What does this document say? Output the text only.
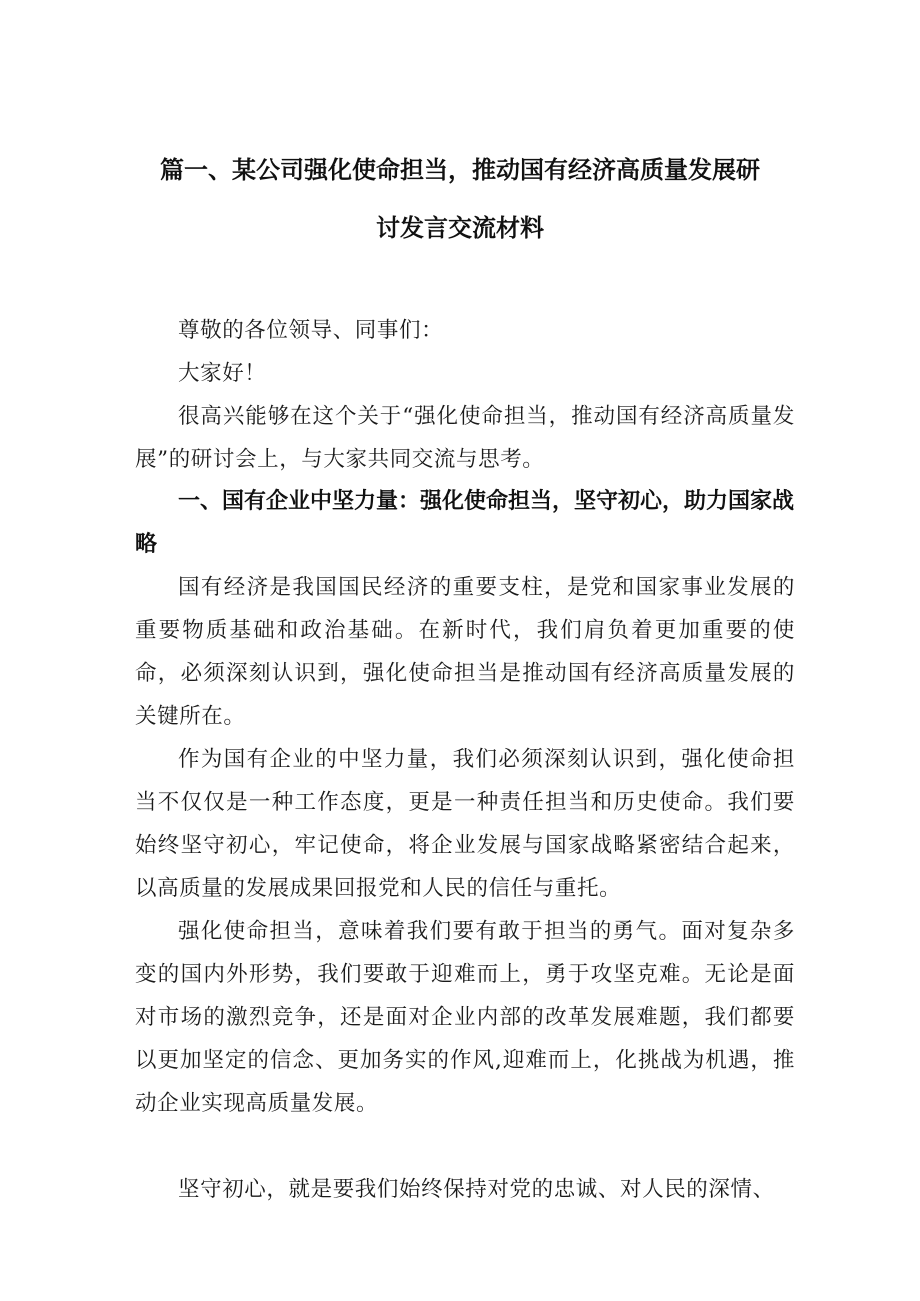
篇一、某公司强化使命担当，推动国有经济高质量发展研
讨发言交流材料
尊敬的各位领导、同事们：
大家好！
很高兴能够在这个关于“强化使命担当，推动国有经济高质量发展”的研讨会上，与大家共同交流与思考。
一、国有企业中坚力量：强化使命担当，坚守初心，助力国家战略
国有经济是我国国民经济的重要支柱，是党和国家事业发展的重要物质基础和政治基础。在新时代，我们肩负着更加重要的使命，必须深刻认识到，强化使命担当是推动国有经济高质量发展的关键所在。
作为国有企业的中坚力量，我们必须深刻认识到，强化使命担当不仅仅是一种工作态度，更是一种责任担当和历史使命。我们要始终坚守初心，牢记使命，将企业发展与国家战略紧密结合起来，以高质量的发展成果回报党和人民的信任与重托。
强化使命担当，意味着我们要有敢于担当的勇气。面对复杂多变的国内外形势，我们要敢于迎难而上，勇于攻坚克难。无论是面对市场的激烈竞争，还是面对企业内部的改革发展难题，我们都要以更加坚定的信念、更加务实的作风,迎难而上，化挑战为机遇，推动企业实现高质量发展。
坚守初心，就是要我们始终保持对党的忠诚、对人民的深情、
